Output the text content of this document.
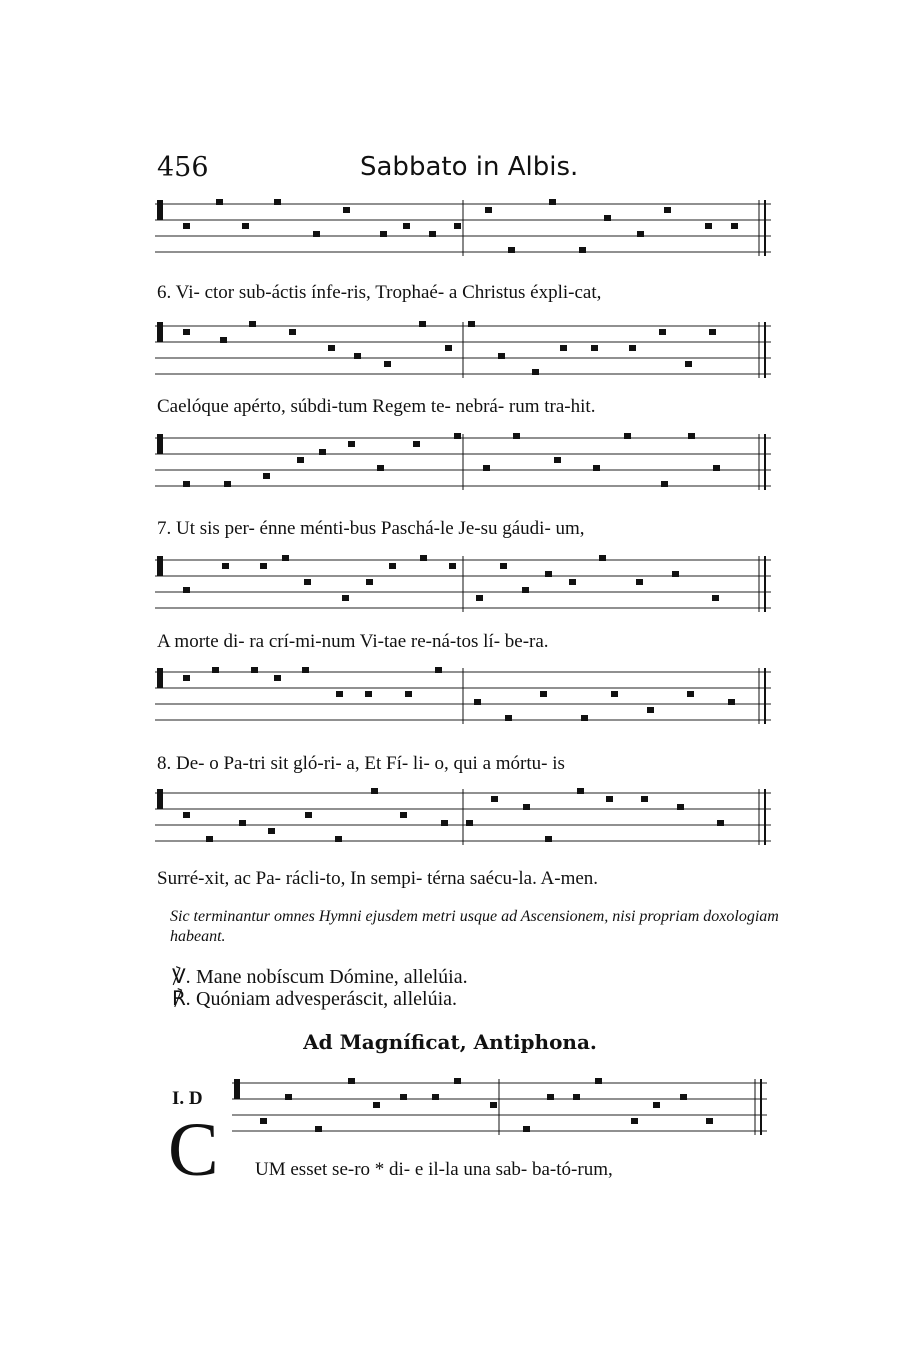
456	Sabbato in Albis.
6. Vi- ctor sub-áctis ínfe-ris, Trophaé- a Christus éxpli-cat,
Caelóque apérto, súbdi-tum Regem te- nebrá- rum tra-hit.
7. Ut sis per- énne ménti-bus Paschá-le Je-su gáudi- um,
A morte di- ra crí-mi-num Vi-tae re-ná-tos lí- be-ra.
8. De- o Pa-tri sit gló-ri- a, Et Fí- li- o, qui a mórtu- is
Surré-xit, ac Pa- rácli-to, In sempi- térna saécu-la. A-men.
Sic terminantur omnes Hymni ejusdem metri usque ad Ascensionem, nisi propriam doxologiam habeant.
℣. Mane nobíscum Dómine, allelúia.
℟. Quóniam advesperáscit, allelúia.
Ad Magníficat, Antiphona.
I. D
C UM esset se-ro * di- e il-la una sab- ba-tó-rum,
